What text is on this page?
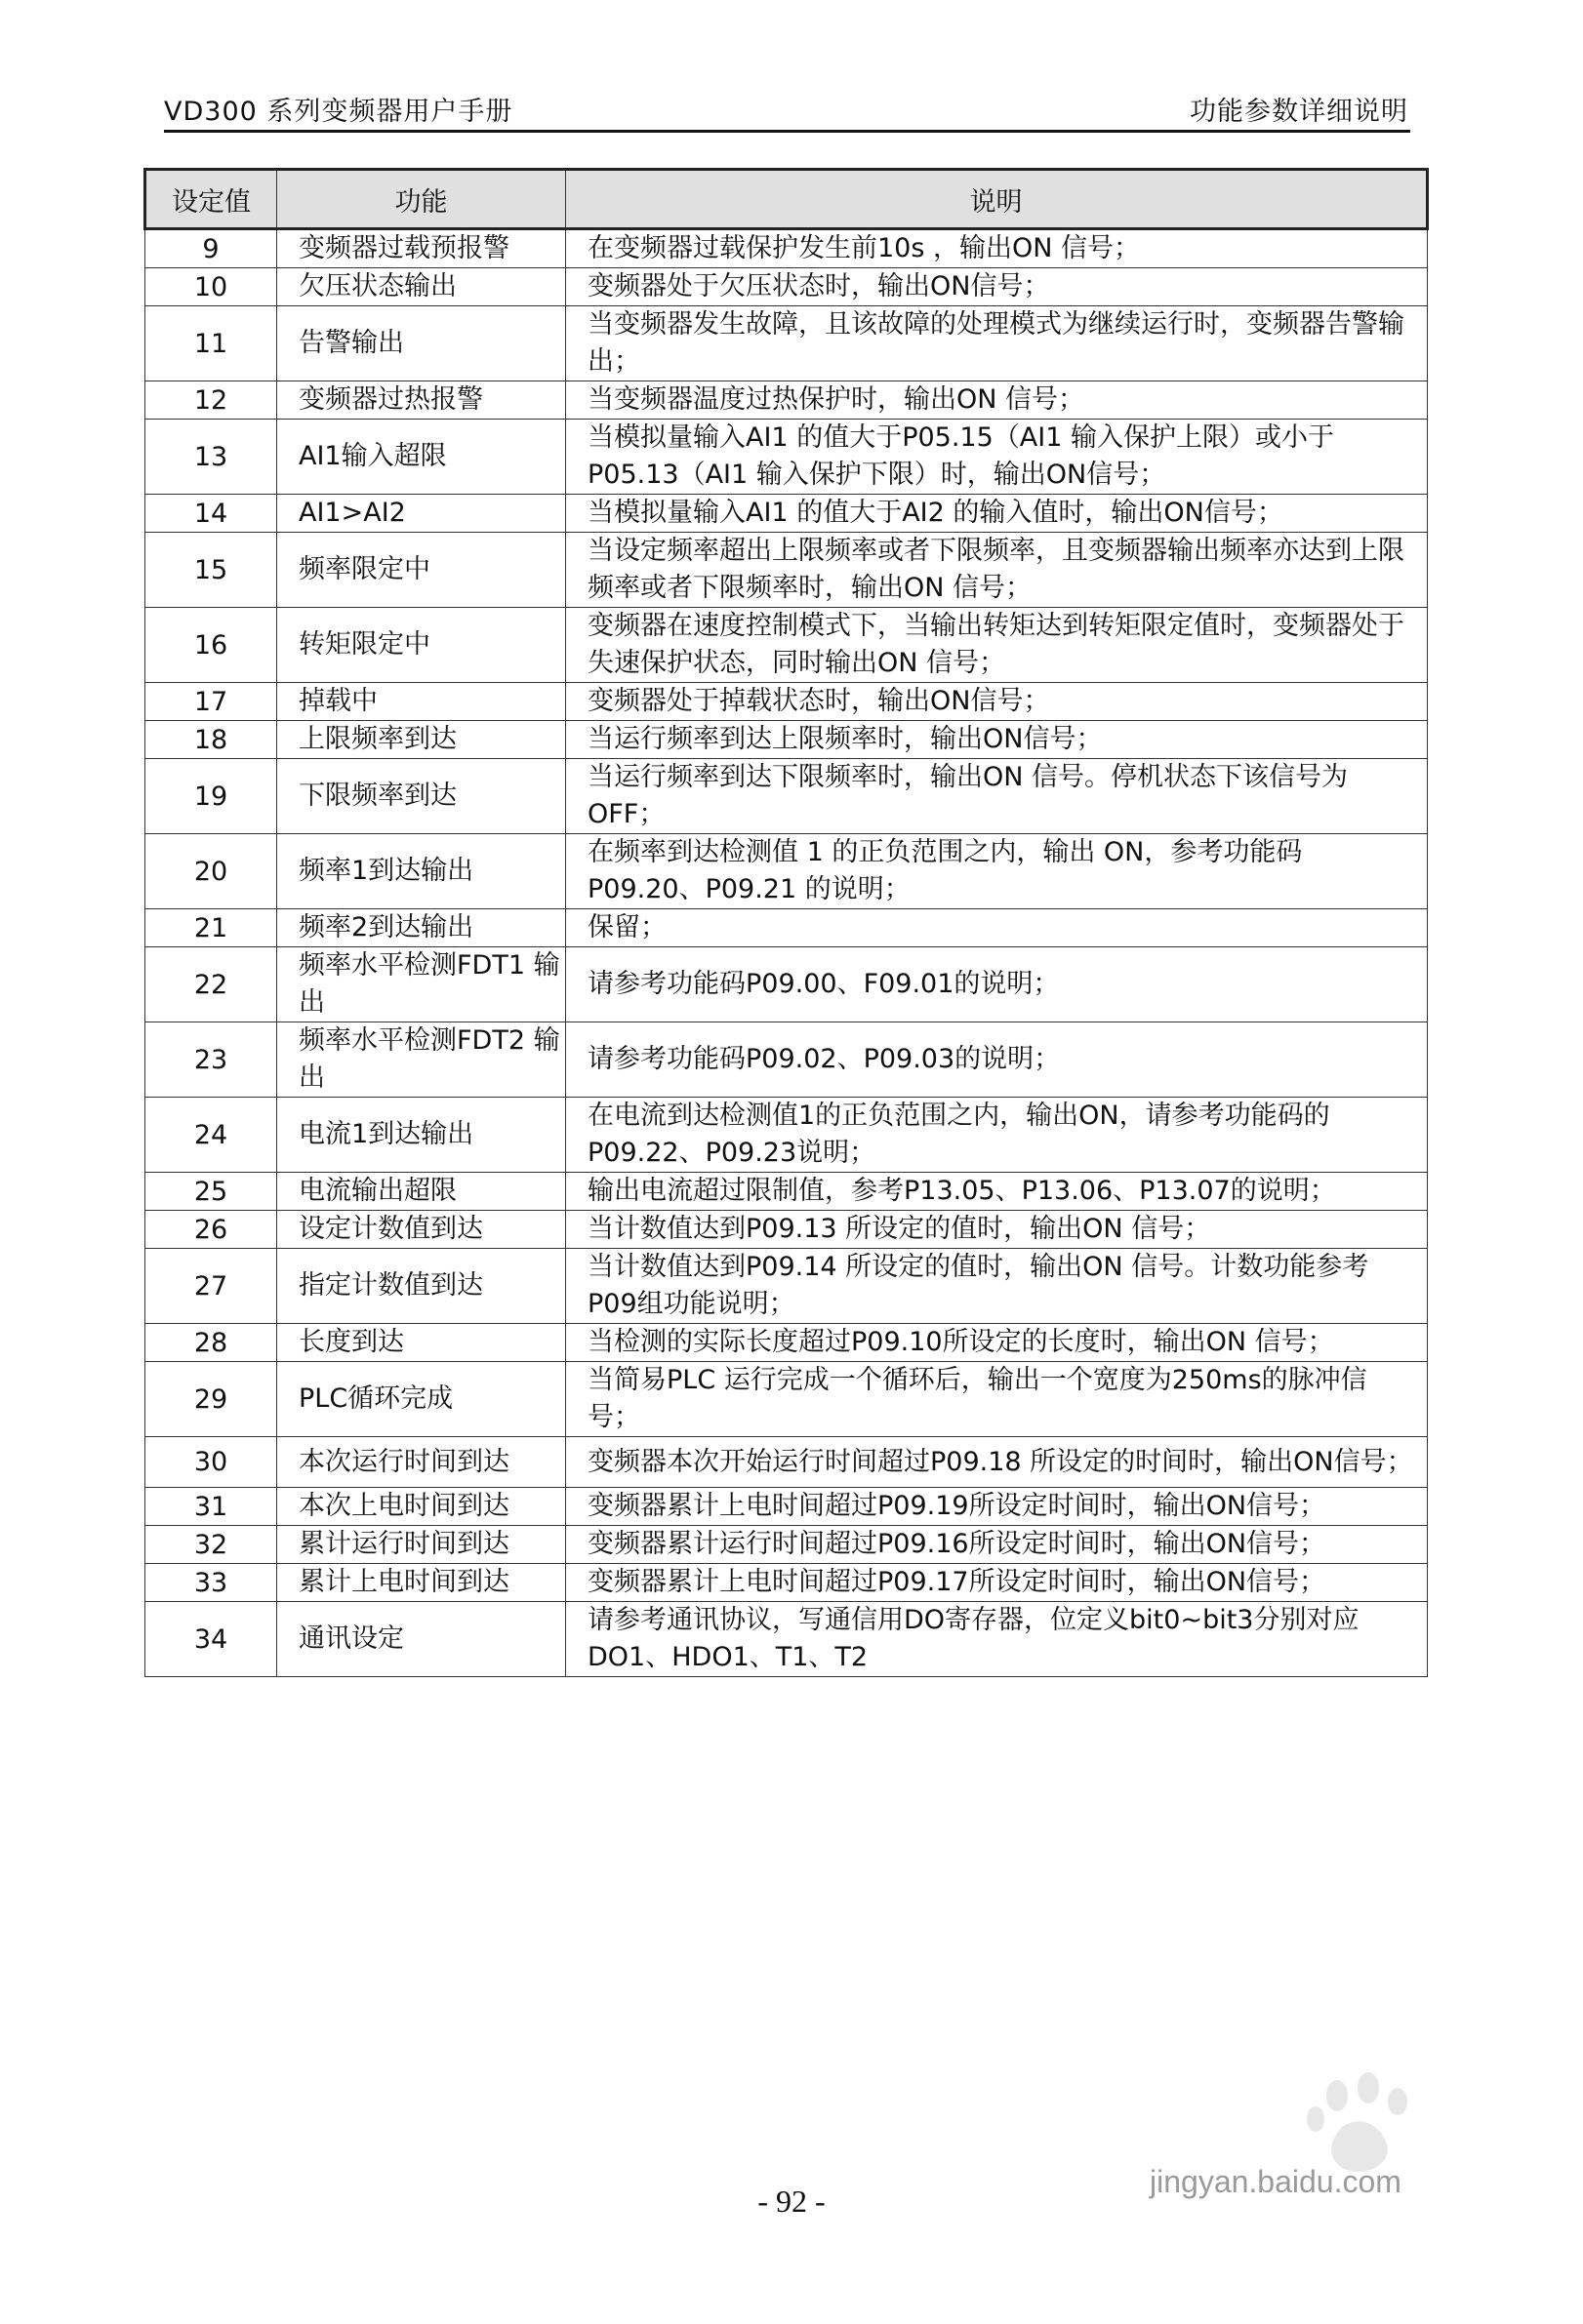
VD300 系列变频器用户手册	功能参数详细说明
设定值	功能	说明
9	变频器过载预报警	在变频器过载保护发生前10s ，输出ON 信号；
10	欠压状态输出	变频器处于欠压状态时，输出ON信号；
11	告警输出	当变频器发生故障，且该故障的处理模式为继续运行时，变频器告警输出；
12	变频器过热报警	当变频器温度过热保护时，输出ON 信号；
13	AI1输入超限	当模拟量输入AI1 的值大于P05.15（AI1 输入保护上限）或小于P05.13（AI1 输入保护下限）时，输出ON信号；
14	AI1>AI2	当模拟量输入AI1 的值大于AI2 的输入值时，输出ON信号；
15	频率限定中	当设定频率超出上限频率或者下限频率，且变频器输出频率亦达到上限频率或者下限频率时，输出ON 信号；
16	转矩限定中	变频器在速度控制模式下，当输出转矩达到转矩限定值时，变频器处于失速保护状态，同时输出ON 信号；
17	掉载中	变频器处于掉载状态时，输出ON信号；
18	上限频率到达	当运行频率到达上限频率时，输出ON信号；
19	下限频率到达	当运行频率到达下限频率时，输出ON 信号。停机状态下该信号为OFF；
20	频率1到达输出	在频率到达检测值 1 的正负范围之内，输出 ON，参考功能码P09.20、P09.21 的说明；
21	频率2到达输出	保留；
22	频率水平检测FDT1 输出	请参考功能码P09.00、F09.01的说明；
23	频率水平检测FDT2 输出	请参考功能码P09.02、P09.03的说明；
24	电流1到达输出	在电流到达检测值1的正负范围之内，输出ON，请参考功能码的P09.22、P09.23说明；
25	电流输出超限	输出电流超过限制值，参考P13.05、P13.06、P13.07的说明；
26	设定计数值到达	当计数值达到P09.13 所设定的值时，输出ON 信号；
27	指定计数值到达	当计数值达到P09.14 所设定的值时，输出ON 信号。计数功能参考P09组功能说明；
28	长度到达	当检测的实际长度超过P09.10所设定的长度时，输出ON 信号；
29	PLC循环完成	当简易PLC 运行完成一个循环后，输出一个宽度为250ms的脉冲信号；
30	本次运行时间到达	变频器本次开始运行时间超过P09.18 所设定的时间时，输出ON信号；
31	本次上电时间到达	变频器累计上电时间超过P09.19所设定时间时，输出ON信号；
32	累计运行时间到达	变频器累计运行时间超过P09.16所设定时间时，输出ON信号；
33	累计上电时间到达	变频器累计上电时间超过P09.17所设定时间时，输出ON信号；
34	通讯设定	请参考通讯协议，写通信用DO寄存器，位定义bit0~bit3分别对应DO1、HDO1、T1、T2
- 92 -
jingyan.baidu.com
